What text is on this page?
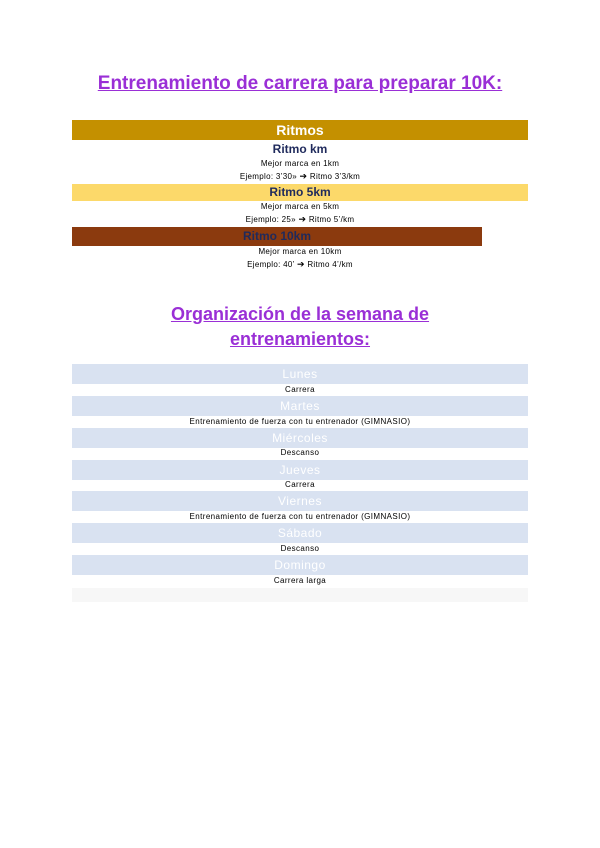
Entrenamiento de carrera para preparar 10K:
Ritmos
Ritmo km
Mejor marca en 1km
Ejemplo: 3’30» ➔ Ritmo 3’3/km
Ritmo 5km
Mejor marca en 5km
Ejemplo: 25» ➔ Ritmo 5’/km
Ritmo 10km
Mejor marca en 10km
Ejemplo: 40’ ➔ Ritmo 4’/km
Organización de la semana de
entrenamientos:
Lunes
Carrera
Martes
Entrenamiento de fuerza con tu entrenador (GIMNASIO)
Miércoles
Descanso
Jueves
Carrera
Viernes
Entrenamiento de fuerza con tu entrenador (GIMNASIO)
Sábado
Descanso
Domingo
Carrera larga
